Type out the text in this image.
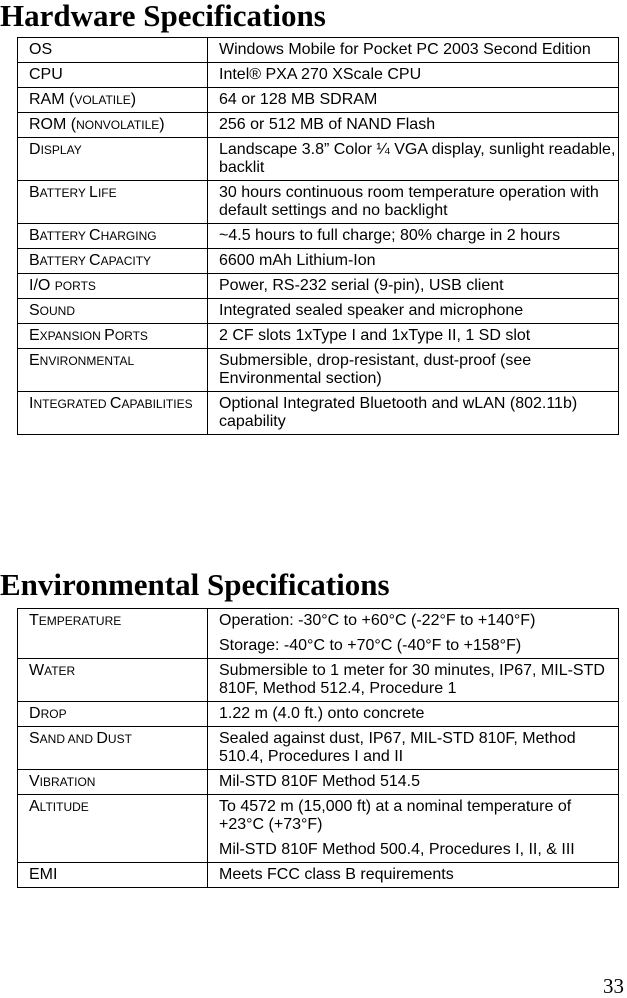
Hardware Specifications
OS	Windows Mobile for Pocket PC 2003 Second Edition

CPU	Intel® PXA 270 XScale CPU

RAM (VOLATILE)	64 or 128 MB SDRAM

ROM (NONVOLATILE)	256 or 512 MB of NAND Flash

DISPLAY	Landscape 3.8” Color ¼ VGA display, sunlight readable, backlit

BATTERY LIFE	30 hours continuous room temperature operation with default settings and no backlight

BATTERY CHARGING	~4.5 hours to full charge; 80% charge in 2 hours

BATTERY CAPACITY	6600 mAh Lithium-Ion

I/O PORTS	Power, RS-232 serial (9-pin), USB client

SOUND	Integrated sealed speaker and microphone

EXPANSION PORTS	2 CF slots 1xType I and 1xType II, 1 SD slot

ENVIRONMENTAL	Submersible, drop-resistant, dust-proof (see Environmental section)

INTEGRATED CAPABILITIES	Optional Integrated Bluetooth and wLAN (802.11b) capability
Environmental Specifications
TEMPERATURE	Operation: -30°C to +60°C (-22°F to +140°F)
Storage: -40°C to +70°C (-40°F to +158°F)

WATER	Submersible to 1 meter for 30 minutes, IP67, MIL-STD 810F, Method 512.4, Procedure 1

DROP	1.22 m (4.0 ft.) onto concrete

SAND AND DUST	Sealed against dust, IP67, MIL-STD 810F, Method 510.4, Procedures I and II

VIBRATION	Mil-STD 810F Method 514.5

ALTITUDE	To 4572 m (15,000 ft) at a nominal temperature of +23°C (+73°F)
Mil-STD 810F Method 500.4, Procedures I, II, & III

EMI	Meets FCC class B requirements
33
